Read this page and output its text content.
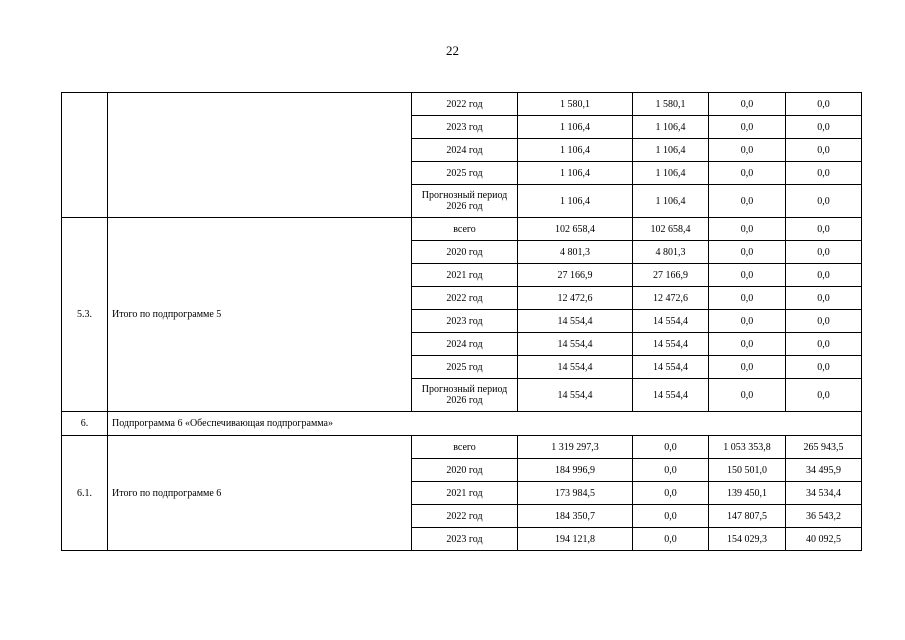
22
		2022 год	1 580,1	1 580,1	0,0	0,0
		2023 год	1 106,4	1 106,4	0,0	0,0
		2024 год	1 106,4	1 106,4	0,0	0,0
		2025 год	1 106,4	1 106,4	0,0	0,0
		Прогнозный период 2026 год	1 106,4	1 106,4	0,0	0,0
5.3.	Итого по подпрограмме 5	всего	102 658,4	102 658,4	0,0	0,0
		2020 год	4 801,3	4 801,3	0,0	0,0
		2021 год	27 166,9	27 166,9	0,0	0,0
		2022 год	12 472,6	12 472,6	0,0	0,0
		2023 год	14 554,4	14 554,4	0,0	0,0
		2024 год	14 554,4	14 554,4	0,0	0,0
		2025 год	14 554,4	14 554,4	0,0	0,0
		Прогнозный период 2026 год	14 554,4	14 554,4	0,0	0,0
6.	Подпрограмма 6 «Обеспечивающая подпрограмма»					
6.1.	Итого по подпрограмме 6	всего	1 319 297,3	0,0	1 053 353,8	265 943,5
		2020 год	184 996,9	0,0	150 501,0	34 495,9
		2021 год	173 984,5	0,0	139 450,1	34 534,4
		2022 год	184 350,7	0,0	147 807,5	36 543,2
		2023 год	194 121,8	0,0	154 029,3	40 092,5
